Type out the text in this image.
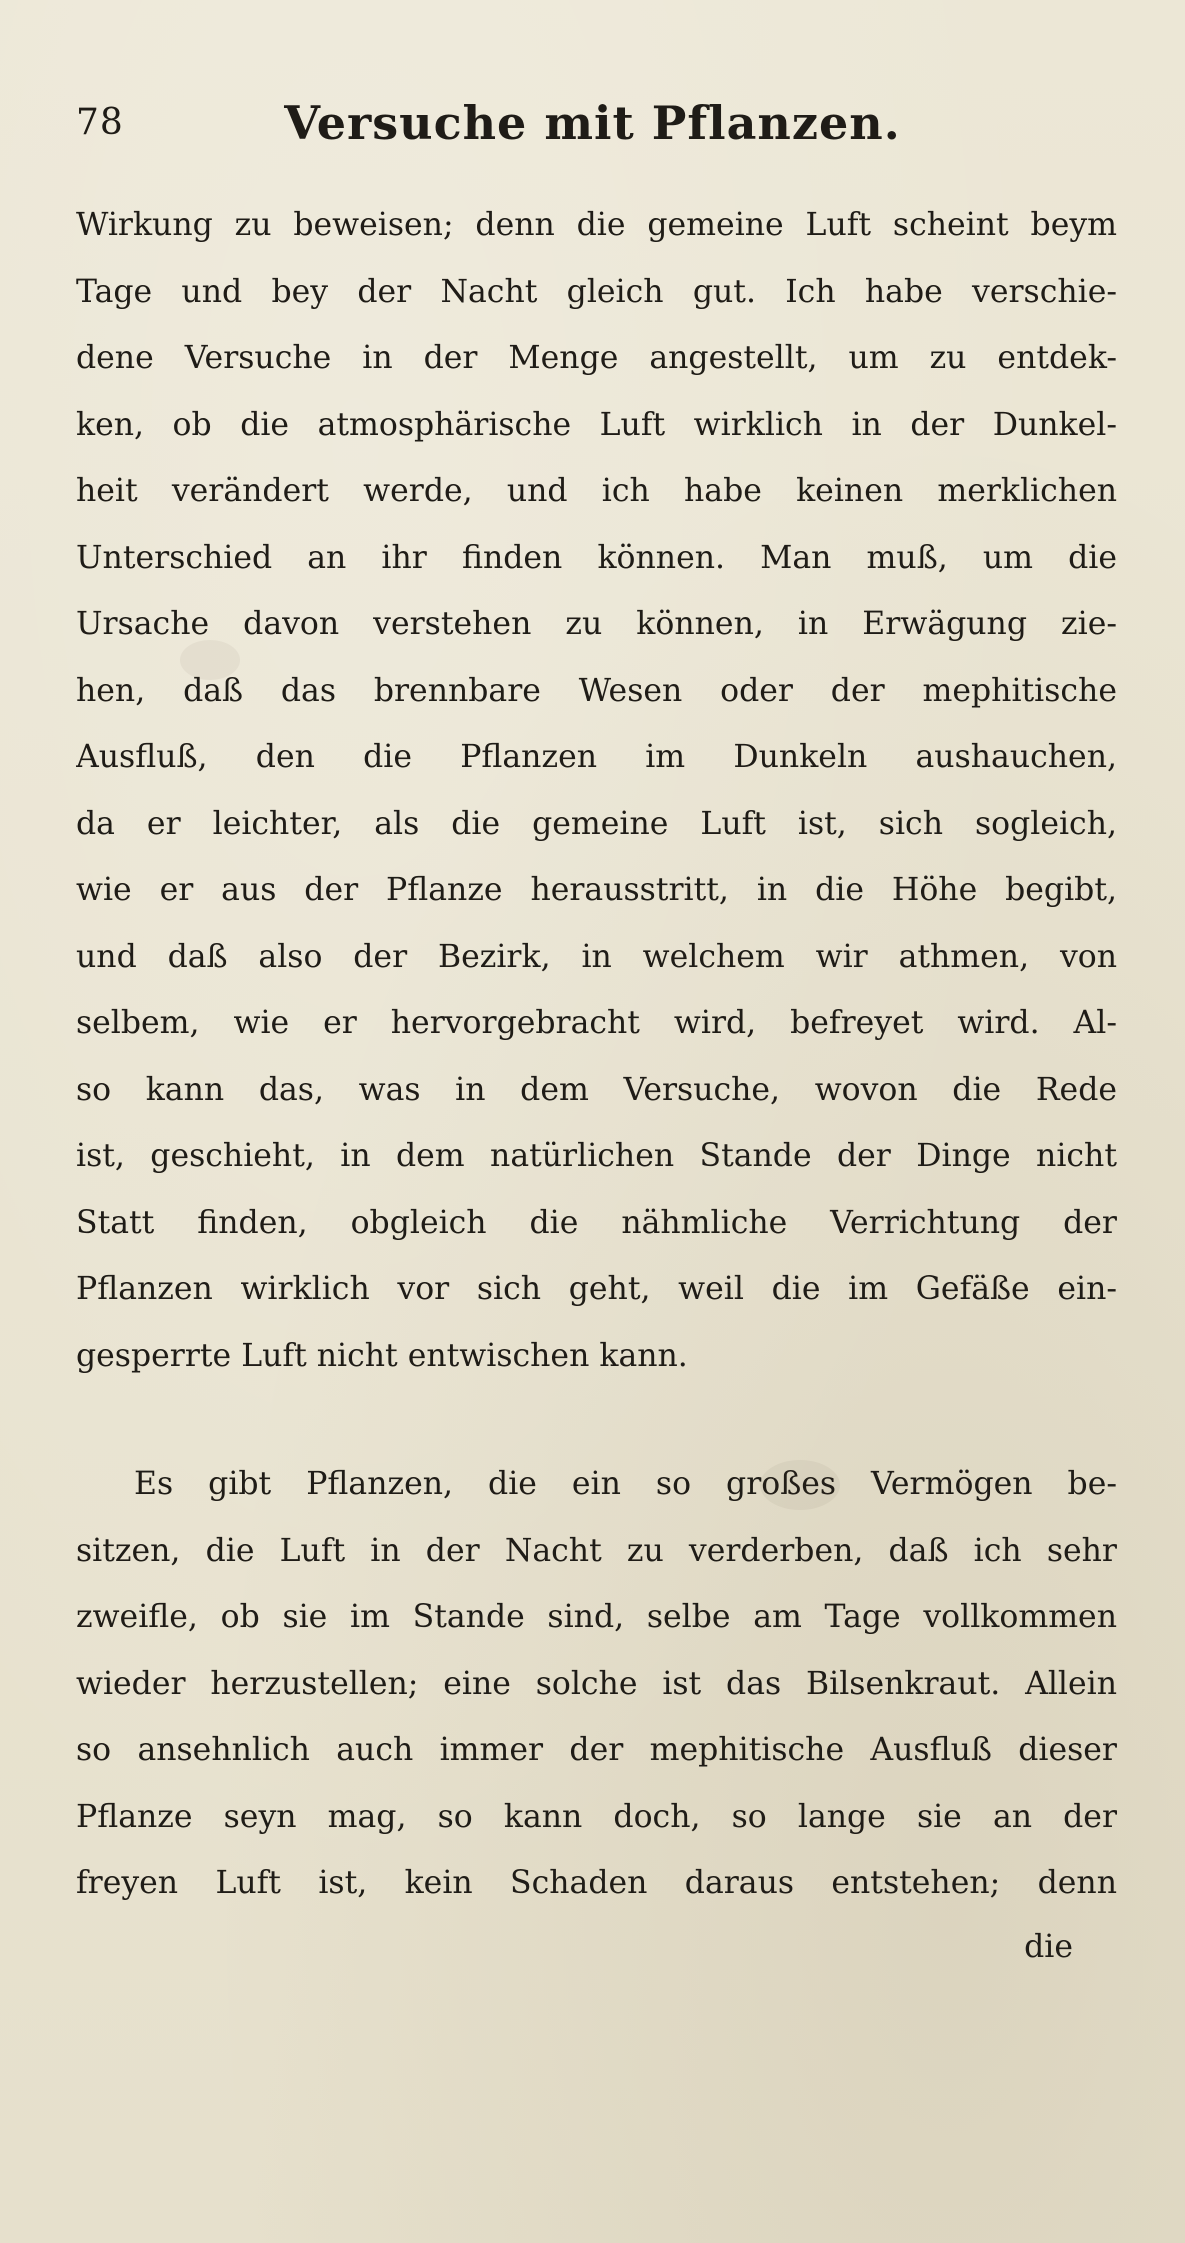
78	Versuche mit Pflanzen.
Wirkung zu beweisen; denn die gemeine Luft scheint beym
Tage und bey der Nacht gleich gut. Ich habe verschie-
dene Versuche in der Menge angestellt, um zu entdek-
ken, ob die atmosphärische Luft wirklich in der Dunkel-
heit verändert werde, und ich habe keinen merklichen
Unterschied an ihr finden können. Man muß, um die
Ursache davon verstehen zu können, in Erwägung zie-
hen, daß das brennbare Wesen oder der mephitische
Ausfluß, den die Pflanzen im Dunkeln aushauchen,
da er leichter, als die gemeine Luft ist, sich sogleich,
wie er aus der Pflanze herausstritt, in die Höhe begibt,
und daß also der Bezirk, in welchem wir athmen, von
selbem, wie er hervorgebracht wird, befreyet wird. Al-
so kann das, was in dem Versuche, wovon die Rede
ist, geschieht, in dem natürlichen Stande der Dinge nicht
Statt finden, obgleich die nähmliche Verrichtung der
Pflanzen wirklich vor sich geht, weil die im Gefäße ein-
gesperrte Luft nicht entwischen kann.
Es gibt Pflanzen, die ein so großes Vermögen be-
sitzen, die Luft in der Nacht zu verderben, daß ich sehr
zweifle, ob sie im Stande sind, selbe am Tage vollkommen
wieder herzustellen; eine solche ist das Bilsenkraut. Allein
so ansehnlich auch immer der mephitische Ausfluß dieser
Pflanze seyn mag, so kann doch, so lange sie an der
freyen Luft ist, kein Schaden daraus entstehen; denn
die
